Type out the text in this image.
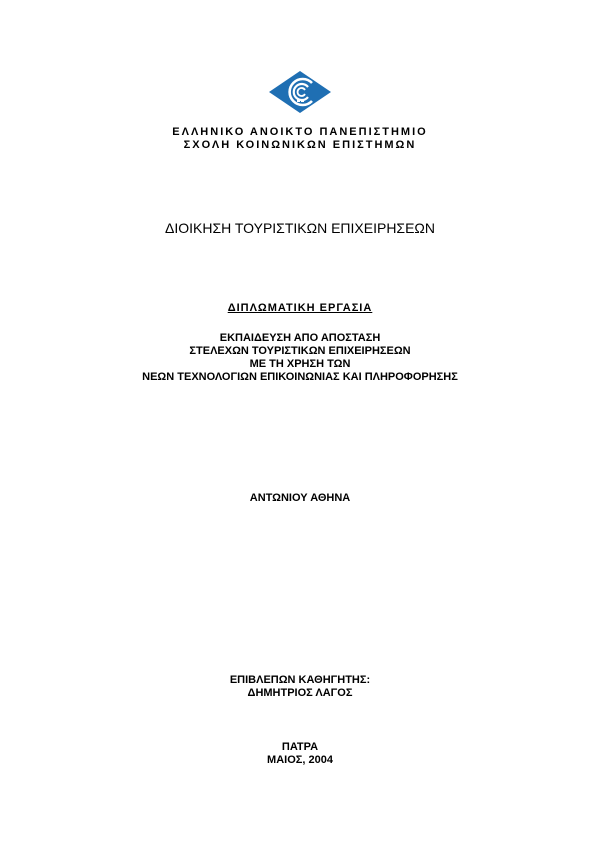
ΕΛΛΗΝΙΚΟ ΑΝΟΙΚΤΟ ΠΑΝΕΠΙΣΤΗΜΙΟ
ΣΧΟΛΗ ΚΟΙΝΩΝΙΚΩΝ ΕΠΙΣΤΗΜΩΝ
ΔΙΟΙΚΗΣΗ ΤΟΥΡΙΣΤΙΚΩΝ ΕΠΙΧΕΙΡΗΣΕΩΝ
ΔΙΠΛΩΜΑΤΙΚΗ ΕΡΓΑΣΙΑ
ΕΚΠΑΙΔΕΥΣΗ ΑΠΟ ΑΠΟΣΤΑΣΗ
ΣΤΕΛΕΧΩΝ ΤΟΥΡΙΣΤΙΚΩΝ ΕΠΙΧΕΙΡΗΣΕΩΝ
ΜΕ ΤΗ ΧΡΗΣΗ ΤΩΝ
ΝΕΩΝ ΤΕΧΝΟΛΟΓΙΩΝ ΕΠΙΚΟΙΝΩΝΙΑΣ ΚΑΙ ΠΛΗΡΟΦΟΡΗΣΗΣ
ΑΝΤΩΝΙΟΥ ΑΘΗΝΑ
ΕΠΙΒΛΕΠΩΝ ΚΑΘΗΓΗΤΗΣ:
ΔΗΜΗΤΡΙΟΣ ΛΑΓΟΣ
ΠΑΤΡΑ
ΜΑΙΟΣ, 2004
